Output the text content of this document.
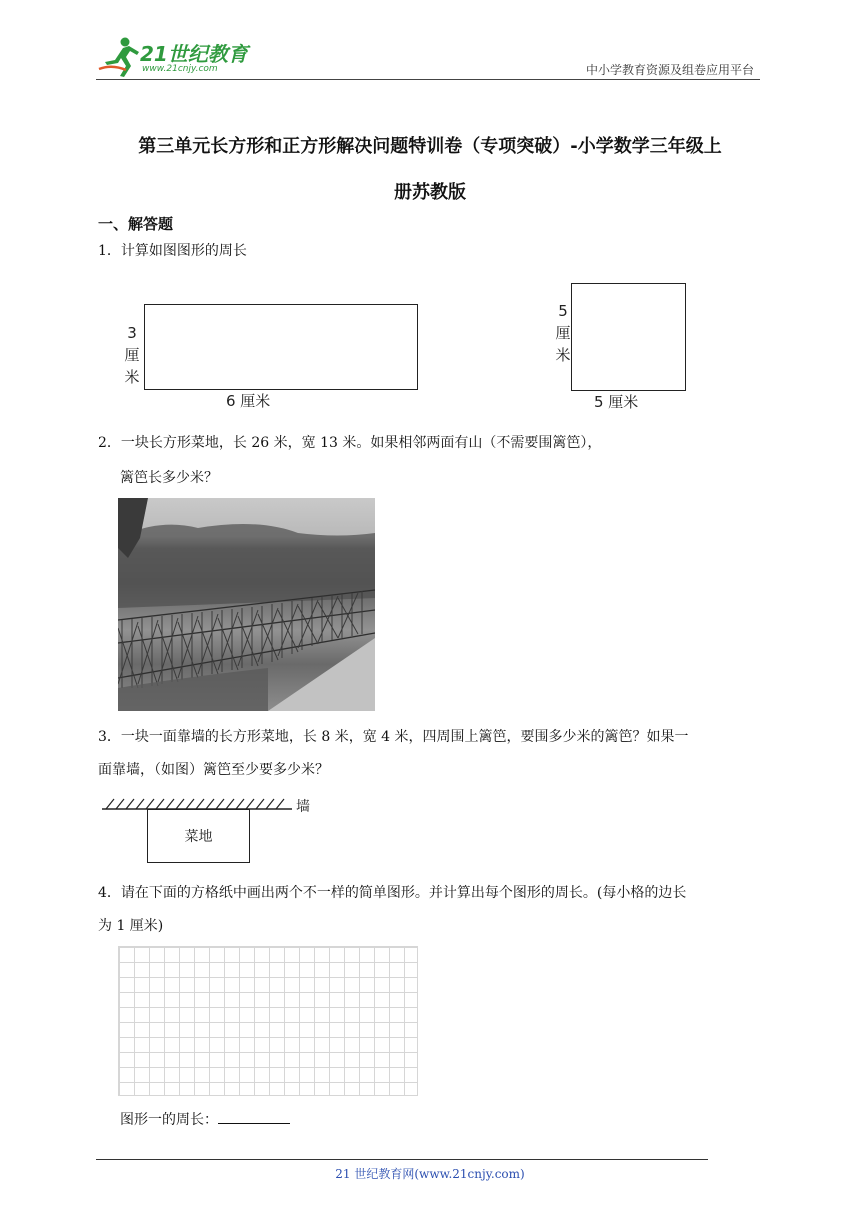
21世纪教育
www.21cnjy.com	中小学教育资源及组卷应用平台
第三单元长方形和正方形解决问题特训卷（专项突破）-小学数学三年级上
册苏教版
一、解答题
1．计算如图图形的周长
3
厘
米
6 厘米
5
厘
米
5 厘米
2．一块长方形菜地，长 26 米，宽 13 米。如果相邻两面有山（不需要围篱笆），
篱笆长多少米？
3．一块一面靠墙的长方形菜地，长 8 米，宽 4 米，四周围上篱笆，要围多少米的篱笆？如果一
面靠墙，（如图）篱笆至少要多少米？
墙
菜地
4．请在下面的方格纸中画出两个不一样的简单图形。并计算出每个图形的周长。(每小格的边长
为 1 厘米)
图形一的周长：
21 世纪教育网(www.21cnjy.com)
